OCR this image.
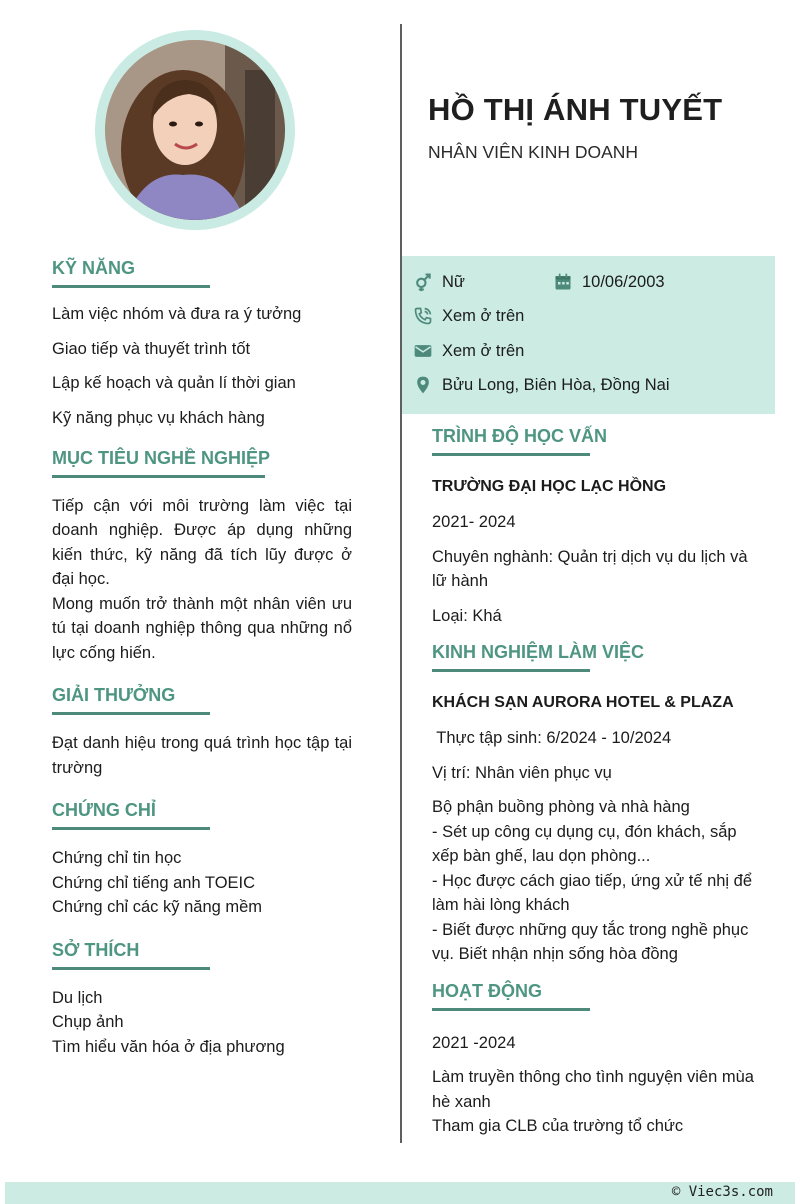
HỒ THỊ ÁNH TUYẾT
NHÂN VIÊN KINH DOANH
Nữ	10/06/2003
Xem ở trên
Xem ở trên
Bửu Long, Biên Hòa, Đồng Nai
KỸ NĂNG
Làm việc nhóm và đưa ra ý tưởng
Giao tiếp và thuyết trình tốt
Lập kế hoạch và quản lí thời gian
Kỹ năng phục vụ khách hàng
MỤC TIÊU NGHỀ NGHIỆP
Tiếp cận với môi trường làm việc tại doanh nghiệp. Được áp dụng những kiến thức, kỹ năng đã tích lũy được ở đại học.
Mong muốn trở thành một nhân viên ưu tú tại doanh nghiệp thông qua những nổ lực cống hiến.
GIẢI THƯỞNG
Đạt danh hiệu trong quá trình học tập tại trường
CHỨNG CHỈ
Chứng chỉ tin học
Chứng chỉ tiếng anh TOEIC
Chứng chỉ các kỹ năng mềm
SỞ THÍCH
Du lịch
Chụp ảnh
Tìm hiểu văn hóa ở địa phương
TRÌNH ĐỘ HỌC VẤN
TRƯỜNG ĐẠI HỌC LẠC HỒNG
2021- 2024
Chuyên nghành: Quản trị dịch vụ du lịch và lữ hành
Loại: Khá
KINH NGHIỆM LÀM VIỆC
KHÁCH SẠN AURORA HOTEL & PLAZA
Thực tập sinh: 6/2024 - 10/2024
Vị trí: Nhân viên phục vụ
Bộ phận buồng phòng và nhà hàng
- Sét up công cụ dụng cụ, đón khách, sắp xếp bàn ghế, lau dọn phòng...
- Học được cách giao tiếp, ứng xử tế nhị để làm hài lòng khách
- Biết được những quy tắc trong nghề phục vụ. Biết nhận nhịn sống hòa đồng
HOẠT ĐỘNG
2021 -2024
Làm truyền thông cho tình nguyện viên mùa hè xanh
Tham gia CLB của trường tổ chức
© Viec3s.com
